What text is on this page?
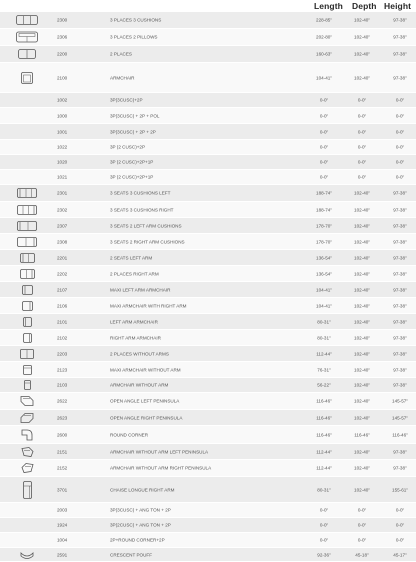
Length Depth Height
2300	3 PLACES 3 CUSHIONS	228-85"	102-40"	97-38"
2306	3 PLACES 2 PILLOWS	202-80"	102-40"	97-38"
2200	2 PLACES	160-63"	102-40"	97-38"
2100	ARMCHAIR	104-41"	102-40"	97-38"
1002	3P(3CUSC)+2P	0-0"	0-0"	0-0"
1000	3P(3CUSC) + 2P + POL	0-0"	0-0"	0-0"
1001	3P(3CUSC) + 2P + 2P	0-0"	0-0"	0-0"
1022	3P (2 CUSC)+2P	0-0"	0-0"	0-0"
1020	3P (2 CUSC)+2P+1P	0-0"	0-0"	0-0"
1021	3P (2 CUSC)+2P+1P	0-0"	0-0"	0-0"
2301	3 SEATS 3 CUSHIONS LEFT	188-74"	102-40"	97-38"
2302	3 SEATS 3 CUSHIONS RIGHT	188-74"	102-40"	97-38"
2307	3 SEATS 2 LEFT ARM CUSHIONS	178-70"	102-40"	97-38"
2308	3 SEATS 2 RIGHT ARM CUSHIONS	178-70"	102-40"	97-38"
2201	2 SEATS LEFT ARM	136-54"	102-40"	97-38"
2202	2 PLACES RIGHT ARM	136-54"	102-40"	97-38"
2107	MAXI LEFT ARM ARMCHAIR	104-41"	102-40"	97-38"
2106	MAXI ARMCHAIR WITH RIGHT ARM	104-41"	102-40"	97-38"
2101	LEFT ARM ARMCHAIR	80-31"	102-40"	97-38"
2102	RIGHT ARM ARMCHAIR	80-31"	102-40"	97-38"
2203	2 PLACES WITHOUT ARMS	112-44"	102-40"	97-38"
2123	MAXI ARMCHAIR WITHOUT ARM	76-31"	102-40"	97-38"
2103	ARMCHAIR WITHOUT ARM	56-22"	102-40"	97-38"
2622	OPEN ANGLE LEFT PENINSULA	116-46"	102-40"	145-57"
2623	OPEN ANGLE RIGHT PENINSULA	116-46"	102-40"	145-57"
2600	ROUND CORNER	116-46"	116-46"	116-46"
2151	ARMCHAIR WITHOUT ARM LEFT PENINSULA	112-44"	102-40"	97-38"
2152	ARMCHAIR WITHOUT ARM RIGHT PENINSULA	112-44"	102-40"	97-38"
3701	CHAISE LONGUE RIGHT ARM	80-31"	102-40"	155-61"
2003	3P(3CUSC) + ANG TON + 2P	0-0"	0-0"	0-0"
1924	3P(2CUSC) + ANG TON + 2P	0-0"	0-0"	0-0"
1004	2P+ROUND CORNER+2P	0-0"	0-0"	0-0"
2591	CRESCENT POUFF	92-36"	45-18"	45-17"
